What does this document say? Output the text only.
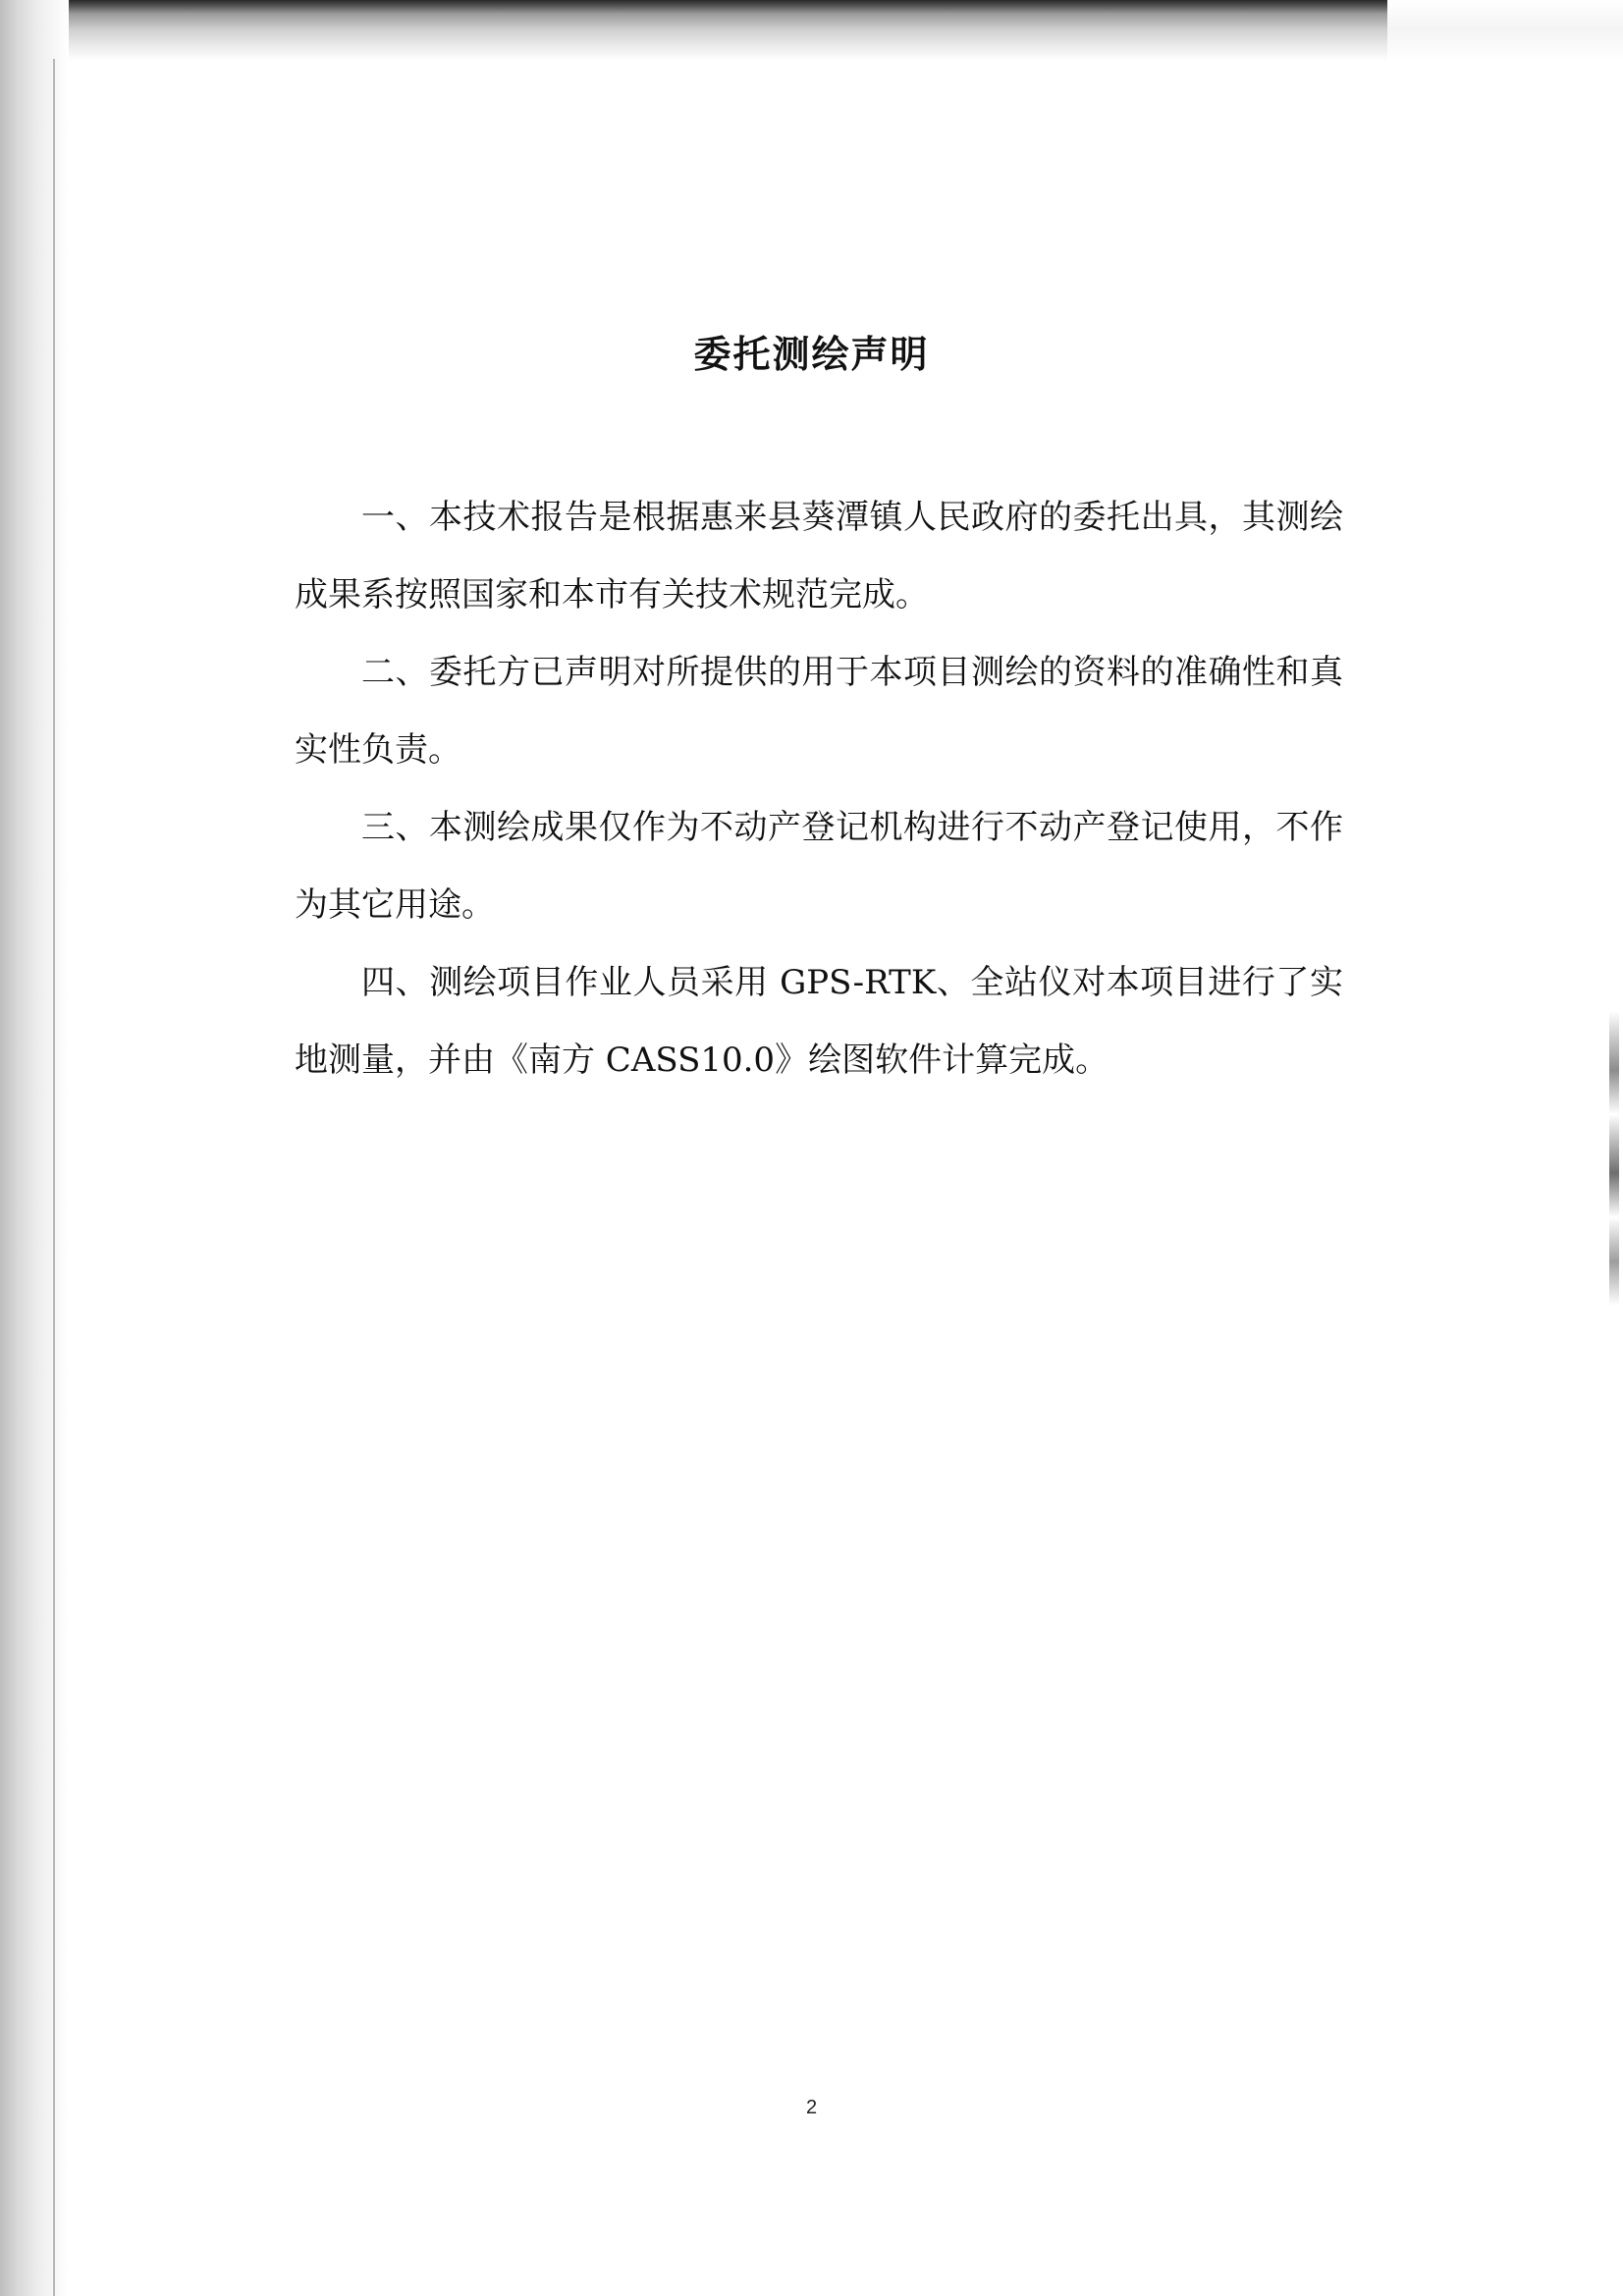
委托测绘声明

一、本技术报告是根据惠来县葵潭镇人民政府的委托出具，其测绘成果系按照国家和本市有关技术规范完成。

二、委托方已声明对所提供的用于本项目测绘的资料的准确性和真实性负责。

三、本测绘成果仅作为不动产登记机构进行不动产登记使用，不作为其它用途。

四、测绘项目作业人员采用 GPS-RTK、全站仪对本项目进行了实地测量，并由《南方 CASS10.0》绘图软件计算完成。

2
